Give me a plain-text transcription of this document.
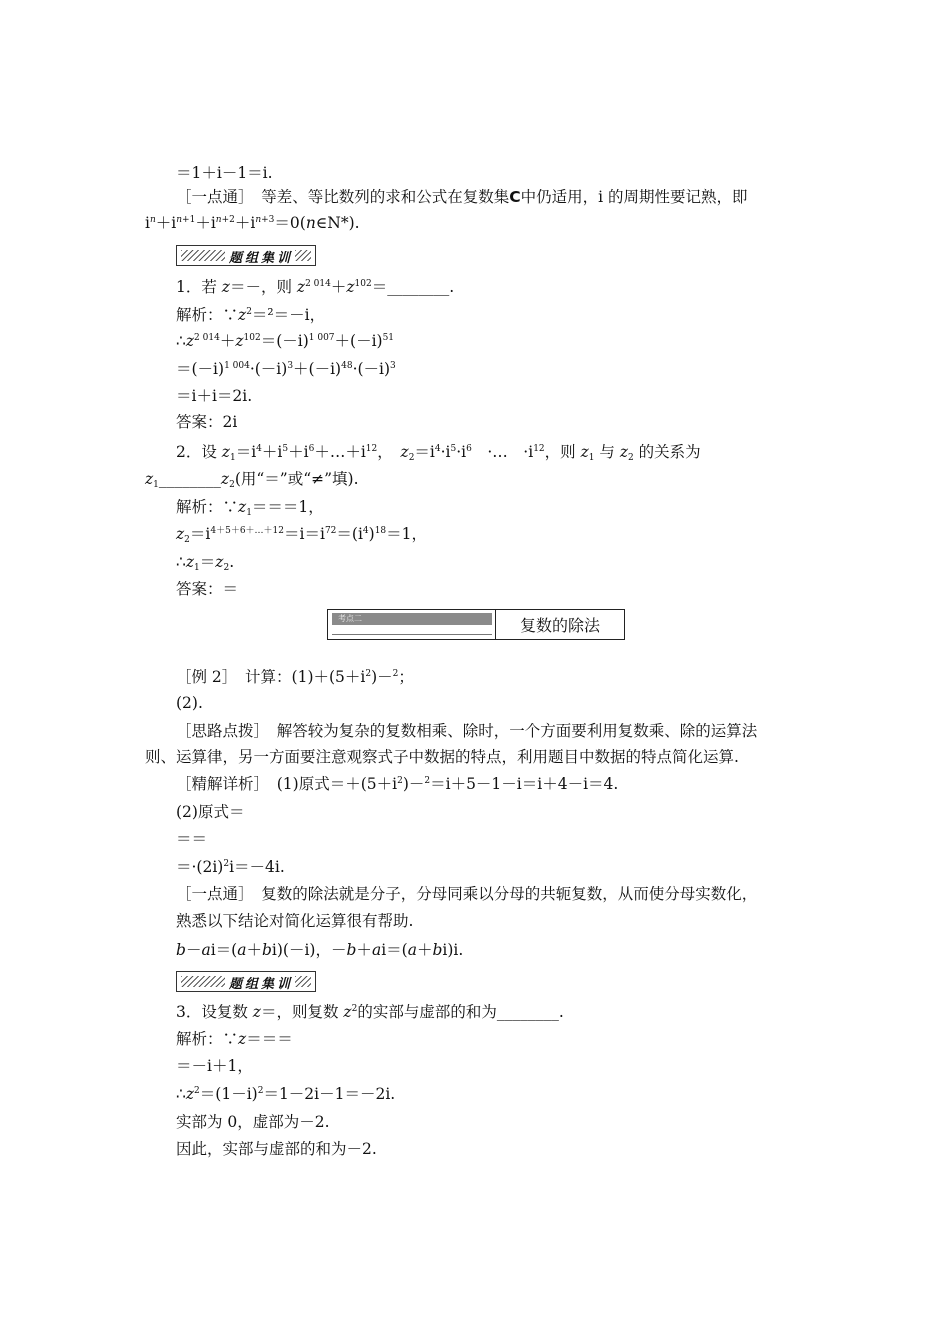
＝1＋i－1＝i.
［一点通］　等差、等比数列的求和公式在复数集C中仍适用，i 的周期性要记熟，即
$i^n+i^{n+1}+i^{n+2}+i^{n+3}=0(n\in N*)$.
题组集训
1．若 z＝－，则 $z^{2 014}+z^{102}=\_\_\_\_\_\_\_\_$.
解析：$\because z^2=^2=-i$，
$\therefore z^{2 014}+z^{102}=(-i)^{1 007}+(-i)^{51}$
$=(-i)^{1 004}\cdot(-i)^3+(-i)^{48}\cdot(-i)^3$
＝i＋i＝2i.
答案：2i
2．设 $z_1=i^4+i^5+i^6+\dots+i^{12}$，　 $z_2=i^4\cdot i^5\cdot i^6$　·…　$\cdot i^{12}$，则 $z_1$ 与 $z_2$ 的关系为
$z_1\_\_\_\_\_\_\_\_z_2$(用“＝”或“≠”填).
解析：$\because z_1===1$，
$z_2=i^{4+5+6+\dots+12}=i=i^{72}=(i^4)^{18}=1$，
$\therefore z_1=z_2$.
答案：＝
考点二	复数的除法
［例 2］　计算：$(1)+(5+i^2)-^2$；
(2).
［思路点拨］　解答较为复杂的复数相乘、除时，一个方面要利用复数乘、除的运算法
则、运算律，另一方面要注意观察式子中数据的特点，利用题目中数据的特点简化运算.
［精解详析］　(1)原式$=+(5+i^2)-^2=i+5-1-i=i+4-i=4$.
(2)原式＝
＝＝
$=\cdot(2i)^2i=-4i$.
［一点通］　复数的除法就是分子，分母同乘以分母的共轭复数，从而使分母实数化，
熟悉以下结论对简化运算很有帮助.
b－ai＝(a＋bi)(－i)，－b＋ai＝(a＋bi)i.
题组集训
3．设复数 z＝，则复数 $z^2$的实部与虚部的和为________.
解析：∵z＝＝＝
＝－i＋1，
$\therefore z^2=(1-i)^2=1-2i-1=-2i$.
实部为 0，虚部为－2.
因此，实部与虚部的和为－2.
